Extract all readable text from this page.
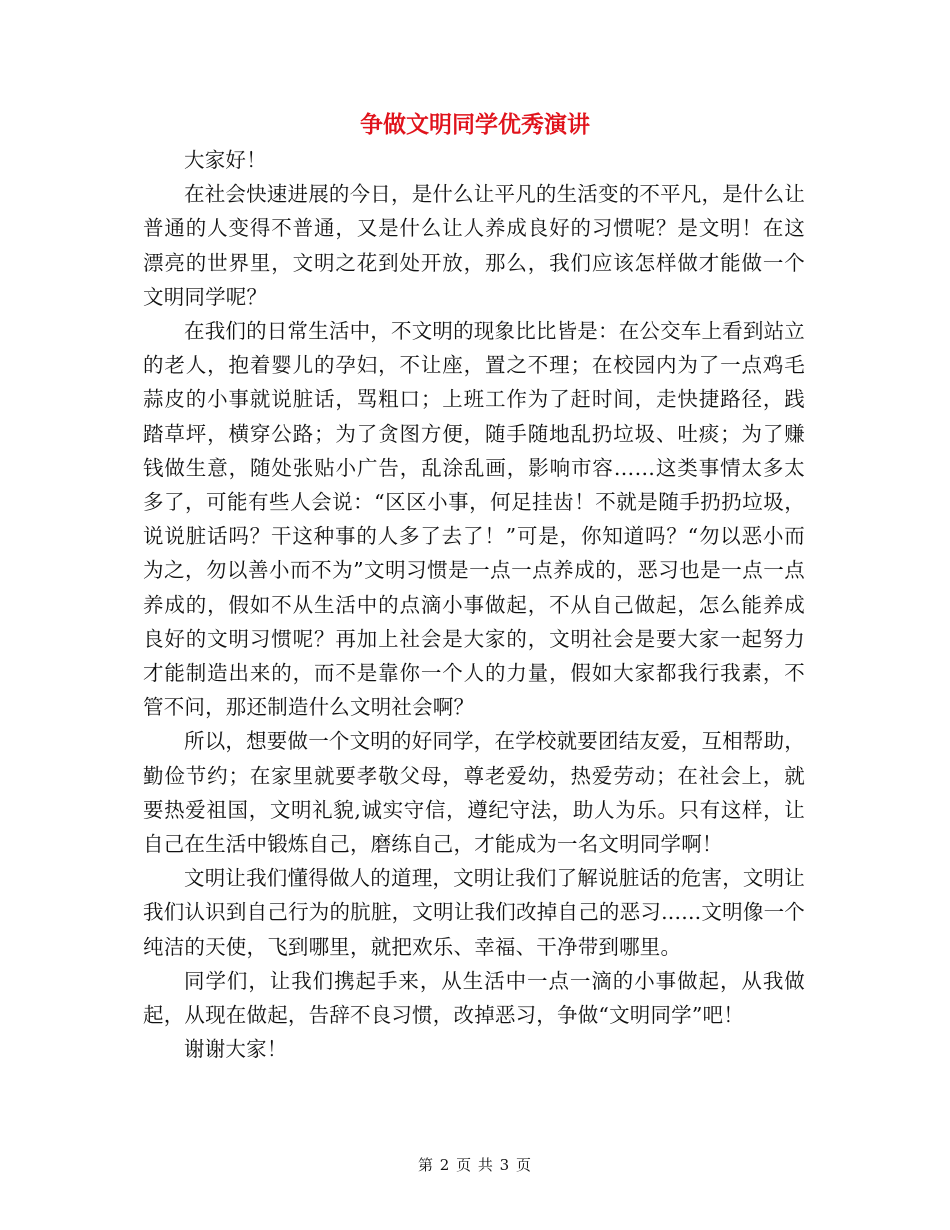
争做文明同学优秀演讲

大家好！

在社会快速进展的今日，是什么让平凡的生活变的不平凡，是什么让普通的人变得不普通，又是什么让人养成良好的习惯呢？是文明！在这漂亮的世界里，文明之花到处开放，那么，我们应该怎样做才能做一个文明同学呢？

在我们的日常生活中，不文明的现象比比皆是：在公交车上看到站立的老人，抱着婴儿的孕妇，不让座，置之不理；在校园内为了一点鸡毛蒜皮的小事就说脏话，骂粗口；上班工作为了赶时间，走快捷路径，践踏草坪，横穿公路；为了贪图方便，随手随地乱扔垃圾、吐痰；为了赚钱做生意，随处张贴小广告，乱涂乱画，影响市容……这类事情太多太多了，可能有些人会说：“区区小事，何足挂齿！不就是随手扔扔垃圾，说说脏话吗？干这种事的人多了去了！”可是，你知道吗？“勿以恶小而为之，勿以善小而不为”文明习惯是一点一点养成的，恶习也是一点一点养成的，假如不从生活中的点滴小事做起，不从自己做起，怎么能养成良好的文明习惯呢？再加上社会是大家的，文明社会是要大家一起努力才能制造出来的，而不是靠你一个人的力量，假如大家都我行我素，不管不问，那还制造什么文明社会啊？

所以，想要做一个文明的好同学，在学校就要团结友爱，互相帮助，勤俭节约；在家里就要孝敬父母，尊老爱幼，热爱劳动；在社会上，就要热爱祖国，文明礼貌,诚实守信，遵纪守法，助人为乐。只有这样，让自己在生活中锻炼自己，磨练自己，才能成为一名文明同学啊！

文明让我们懂得做人的道理，文明让我们了解说脏话的危害，文明让我们认识到自己行为的肮脏，文明让我们改掉自己的恶习......文明像一个纯洁的天使，飞到哪里，就把欢乐、幸福、干净带到哪里。

同学们，让我们携起手来，从生活中一点一滴的小事做起，从我做起，从现在做起，告辞不良习惯，改掉恶习，争做“文明同学”吧！

谢谢大家！

第 2 页 共 3 页
